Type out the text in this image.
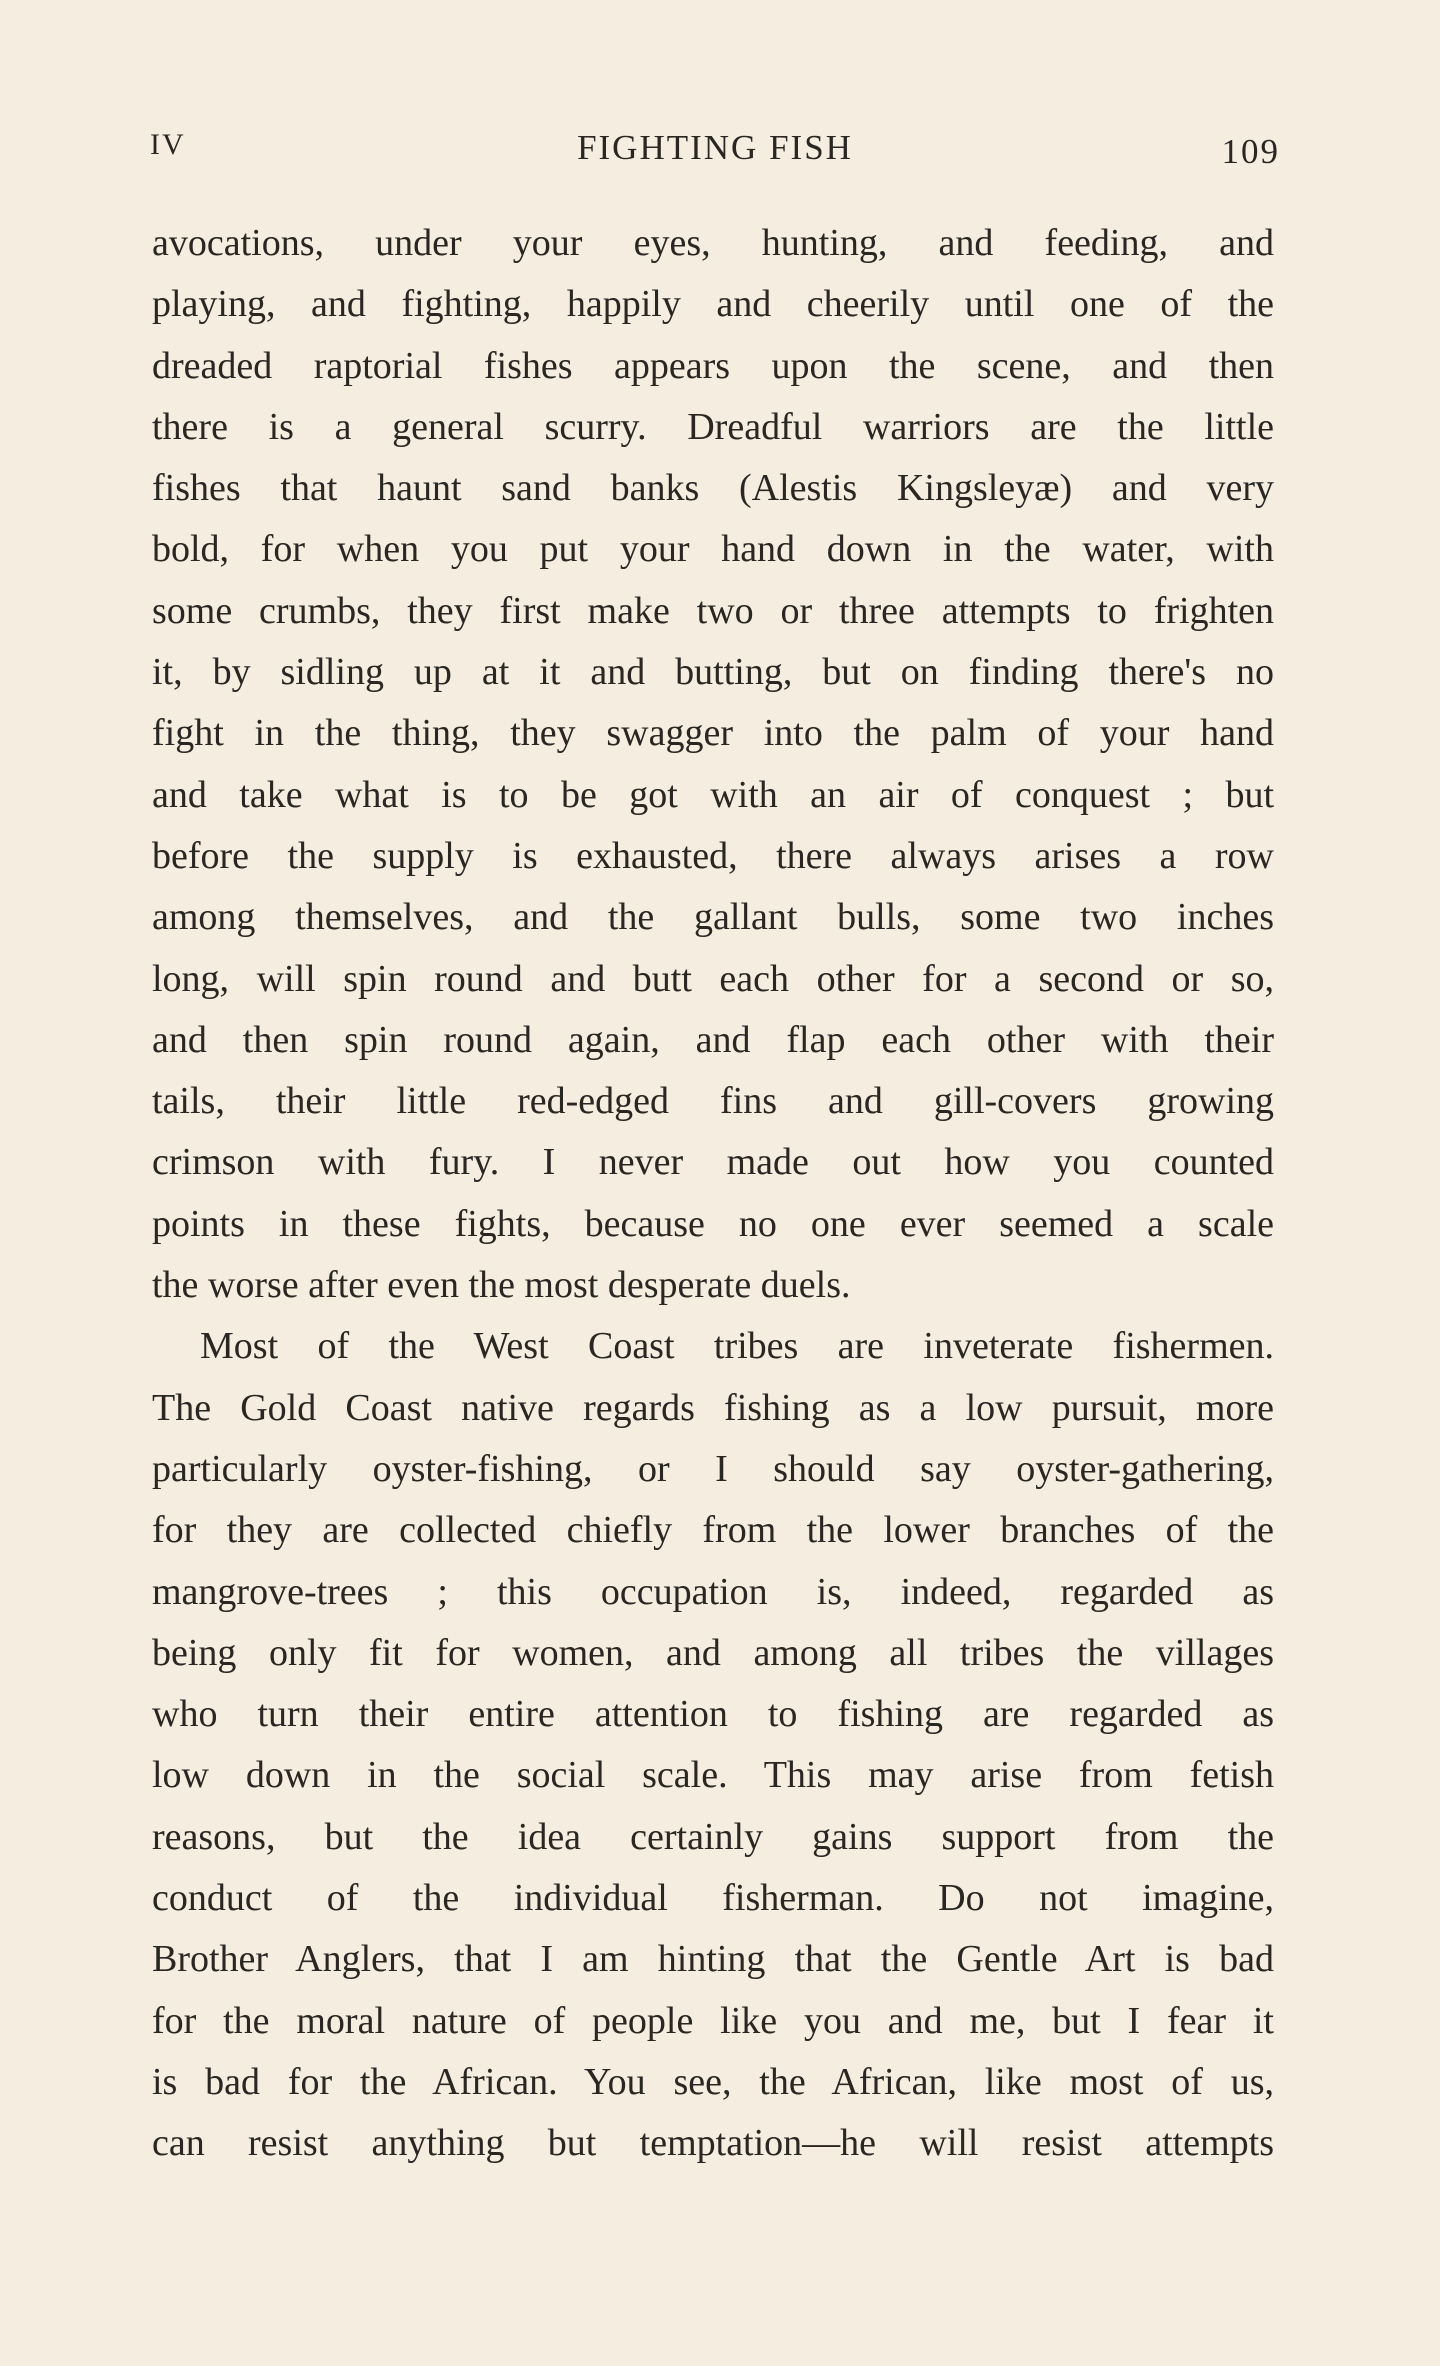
IV	FIGHTING FISH	109
avocations, under your eyes, hunting, and feeding, and
playing, and fighting, happily and cheerily until one of the
dreaded raptorial fishes appears upon the scene, and then
there is a general scurry. Dreadful warriors are the little
fishes that haunt sand banks (Alestis Kingsleyæ) and very
bold, for when you put your hand down in the water, with
some crumbs, they first make two or three attempts to frighten
it, by sidling up at it and butting, but on finding there's no
fight in the thing, they swagger into the palm of your hand
and take what is to be got with an air of conquest ; but
before the supply is exhausted, there always arises a row
among themselves, and the gallant bulls, some two inches
long, will spin round and butt each other for a second or so,
and then spin round again, and flap each other with their
tails, their little red-edged fins and gill-covers growing
crimson with fury. I never made out how you counted
points in these fights, because no one ever seemed a scale
the worse after even the most desperate duels.
Most of the West Coast tribes are inveterate fishermen.
The Gold Coast native regards fishing as a low pursuit, more
particularly oyster-fishing, or I should say oyster-gathering,
for they are collected chiefly from the lower branches of the
mangrove-trees ; this occupation is, indeed, regarded as
being only fit for women, and among all tribes the villages
who turn their entire attention to fishing are regarded as
low down in the social scale. This may arise from fetish
reasons, but the idea certainly gains support from the
conduct of the individual fisherman. Do not imagine,
Brother Anglers, that I am hinting that the Gentle Art is bad
for the moral nature of people like you and me, but I fear it
is bad for the African. You see, the African, like most of us,
can resist anything but temptation—he will resist attempts
